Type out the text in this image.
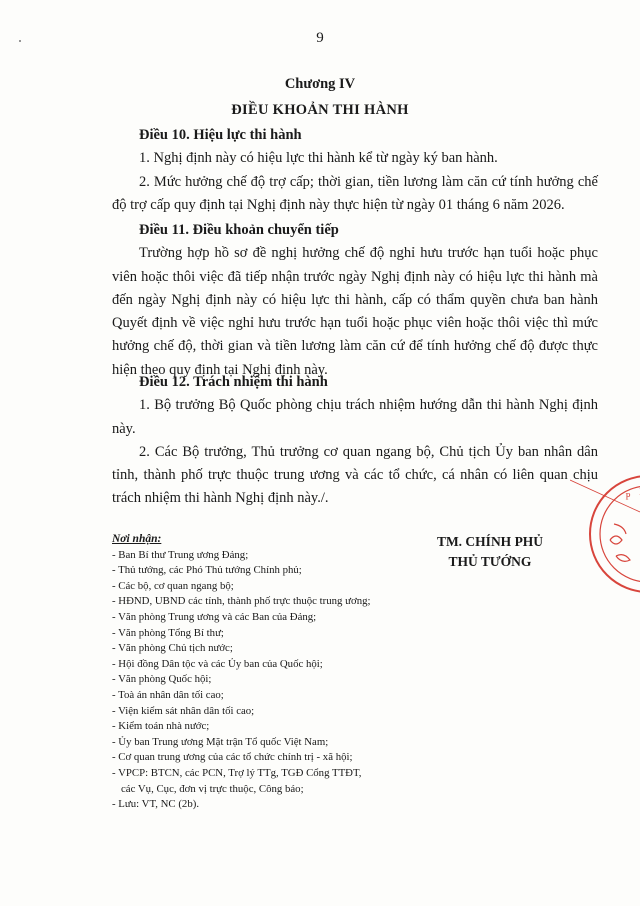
9
Chương IV
ĐIỀU KHOẢN THI HÀNH
Điều 10. Hiệu lực thi hành
1. Nghị định này có hiệu lực thi hành kể từ ngày ký ban hành.
2. Mức hưởng chế độ trợ cấp; thời gian, tiền lương làm căn cứ tính hưởng chế độ trợ cấp quy định tại Nghị định này thực hiện từ ngày 01 tháng 6 năm 2026.
Điều 11. Điều khoản chuyển tiếp
Trường hợp hồ sơ đề nghị hưởng chế độ nghỉ hưu trước hạn tuổi hoặc phục viên hoặc thôi việc đã tiếp nhận trước ngày Nghị định này có hiệu lực thi hành mà đến ngày Nghị định này có hiệu lực thi hành, cấp có thẩm quyền chưa ban hành Quyết định về việc nghỉ hưu trước hạn tuổi hoặc phục viên hoặc thôi việc thì mức hưởng chế độ, thời gian và tiền lương làm căn cứ để tính hưởng chế độ được thực hiện theo quy định tại Nghị định này.
Điều 12. Trách nhiệm thi hành
1. Bộ trưởng Bộ Quốc phòng chịu trách nhiệm hướng dẫn thi hành Nghị định này.
2. Các Bộ trưởng, Thủ trưởng cơ quan ngang bộ, Chủ tịch Ủy ban nhân dân tỉnh, thành phố trực thuộc trung ương và các tổ chức, cá nhân có liên quan chịu trách nhiệm thi hành Nghị định này./.
Nơi nhận:
- Ban Bí thư Trung ương Đảng;
- Thủ tướng, các Phó Thủ tướng Chính phủ;
- Các bộ, cơ quan ngang bộ;
- HĐND, UBND các tỉnh, thành phố trực thuộc trung ương;
- Văn phòng Trung ương và các Ban của Đảng;
- Văn phòng Tổng Bí thư;
- Văn phòng Chủ tịch nước;
- Hội đồng Dân tộc và các Ủy ban của Quốc hội;
- Văn phòng Quốc hội;
- Toà án nhân dân tối cao;
- Viện kiểm sát nhân dân tối cao;
- Kiểm toán nhà nước;
- Ủy ban Trung ương Mặt trận Tổ quốc Việt Nam;
- Cơ quan trung ương của các tổ chức chính trị - xã hội;
- VPCP: BTCN, các PCN, Trợ lý TTg, TGĐ Cổng TTĐT,
các Vụ, Cục, đơn vị trực thuộc, Công báo;
- Lưu: VT, NC (2b).
TM. CHÍNH PHỦ
THỦ TƯỚNG
P
